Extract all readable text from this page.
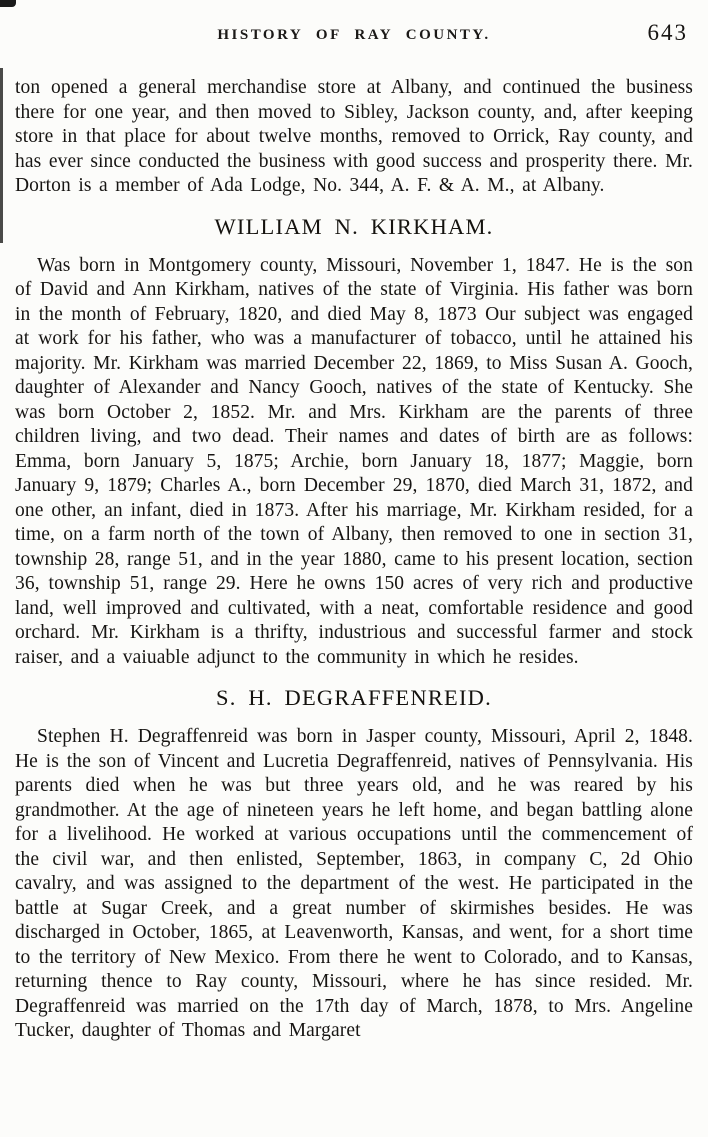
HISTORY OF RAY COUNTY.	643

ton opened a general merchandise store at Albany, and continued the business there for one year, and then moved to Sibley, Jackson county, and, after keeping store in that place for about twelve months, removed to Orrick, Ray county, and has ever since conducted the business with good success and prosperity there. Mr. Dorton is a member of Ada Lodge, No. 344, A. F. & A. M., at Albany.

WILLIAM N. KIRKHAM.

Was born in Montgomery county, Missouri, November 1, 1847. He is the son of David and Ann Kirkham, natives of the state of Virginia. His father was born in the month of February, 1820, and died May 8, 1873 Our subject was engaged at work for his father, who was a manufacturer of tobacco, until he attained his majority. Mr. Kirkham was married December 22, 1869, to Miss Susan A. Gooch, daughter of Alexander and Nancy Gooch, natives of the state of Kentucky. She was born October 2, 1852. Mr. and Mrs. Kirkham are the parents of three children living, and two dead. Their names and dates of birth are as follows: Emma, born January 5, 1875; Archie, born January 18, 1877; Maggie, born January 9, 1879; Charles A., born December 29, 1870, died March 31, 1872, and one other, an infant, died in 1873. After his marriage, Mr. Kirkham resided, for a time, on a farm north of the town of Albany, then removed to one in section 31, township 28, range 51, and in the year 1880, came to his present location, section 36, township 51, range 29. Here he owns 150 acres of very rich and productive land, well improved and cultivated, with a neat, comfortable residence and good orchard. Mr. Kirkham is a thrifty, industrious and successful farmer and stock raiser, and a vaiuable adjunct to the community in which he resides.

S. H. DEGRAFFENREID.

Stephen H. Degraffenreid was born in Jasper county, Missouri, April 2, 1848. He is the son of Vincent and Lucretia Degraffenreid, natives of Pennsylvania. His parents died when he was but three years old, and he was reared by his grandmother. At the age of nineteen years he left home, and began battling alone for a livelihood. He worked at various occupations until the commencement of the civil war, and then enlisted, September, 1863, in company C, 2d Ohio cavalry, and was assigned to the department of the west. He participated in the battle at Sugar Creek, and a great number of skirmishes besides. He was discharged in October, 1865, at Leavenworth, Kansas, and went, for a short time to the territory of New Mexico. From there he went to Colorado, and to Kansas, returning thence to Ray county, Missouri, where he has since resided. Mr. Degraffenreid was married on the 17th day of March, 1878, to Mrs. Angeline Tucker, daughter of Thomas and Margaret
